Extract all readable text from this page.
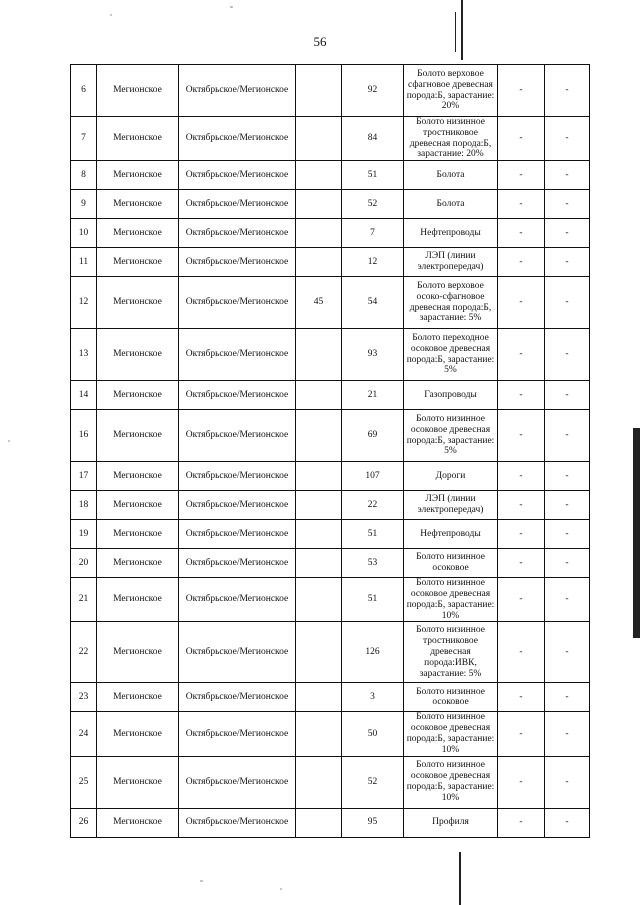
56
6	Мегионское	Октябрьское/Мегионское		92	Болото верховое сфагновое древесная порода:Б, зарастание: 20%	-	-

7	Мегионское	Октябрьское/Мегионское		84	Болото низинное тростниковое древесная порода:Б, зарастание: 20%	-	-

8	Мегионское	Октябрьское/Мегионское		51	Болота	-	-

9	Мегионское	Октябрьское/Мегионское		52	Болота	-	-

10	Мегионское	Октябрьское/Мегионское		7	Нефтепроводы	-	-

11	Мегионское	Октябрьское/Мегионское		12	ЛЭП (линии электропередач)	-	-

12	Мегионское	Октябрьское/Мегионское	45	54	Болото верховое осоко-сфагновое древесная порода:Б, зарастание: 5%	-	-

13	Мегионское	Октябрьское/Мегионское		93	Болото переходное осоковое древесная порода:Б, зарастание: 5%	-	-

14	Мегионское	Октябрьское/Мегионское		21	Газопроводы	-	-

16	Мегионское	Октябрьское/Мегионское		69	Болото низинное осоковое древесная порода:Б, зарастание: 5%	-	-

17	Мегионское	Октябрьское/Мегионское		107	Дороги	-	-

18	Мегионское	Октябрьское/Мегионское		22	ЛЭП (линии электропередач)	-	-

19	Мегионское	Октябрьское/Мегионское		51	Нефтепроводы	-	-

20	Мегионское	Октябрьское/Мегионское		53	Болото низинное осоковое	-	-

21	Мегионское	Октябрьское/Мегионское		51	Болото низинное осоковое древесная порода:Б, зарастание: 10%	-	-

22	Мегионское	Октябрьское/Мегионское		126	Болото низинное тростниковое древесная порода:ИВК, зарастание: 5%	-	-

23	Мегионское	Октябрьское/Мегионское		3	Болото низинное осоковое	-	-

24	Мегионское	Октябрьское/Мегионское		50	Болото низинное осоковое древесная порода:Б, зарастание: 10%	-	-

25	Мегионское	Октябрьское/Мегионское		52	Болото низинное осоковое древесная порода:Б, зарастание: 10%	-	-

26	Мегионское	Октябрьское/Мегионское		95	Профиля	-	-
